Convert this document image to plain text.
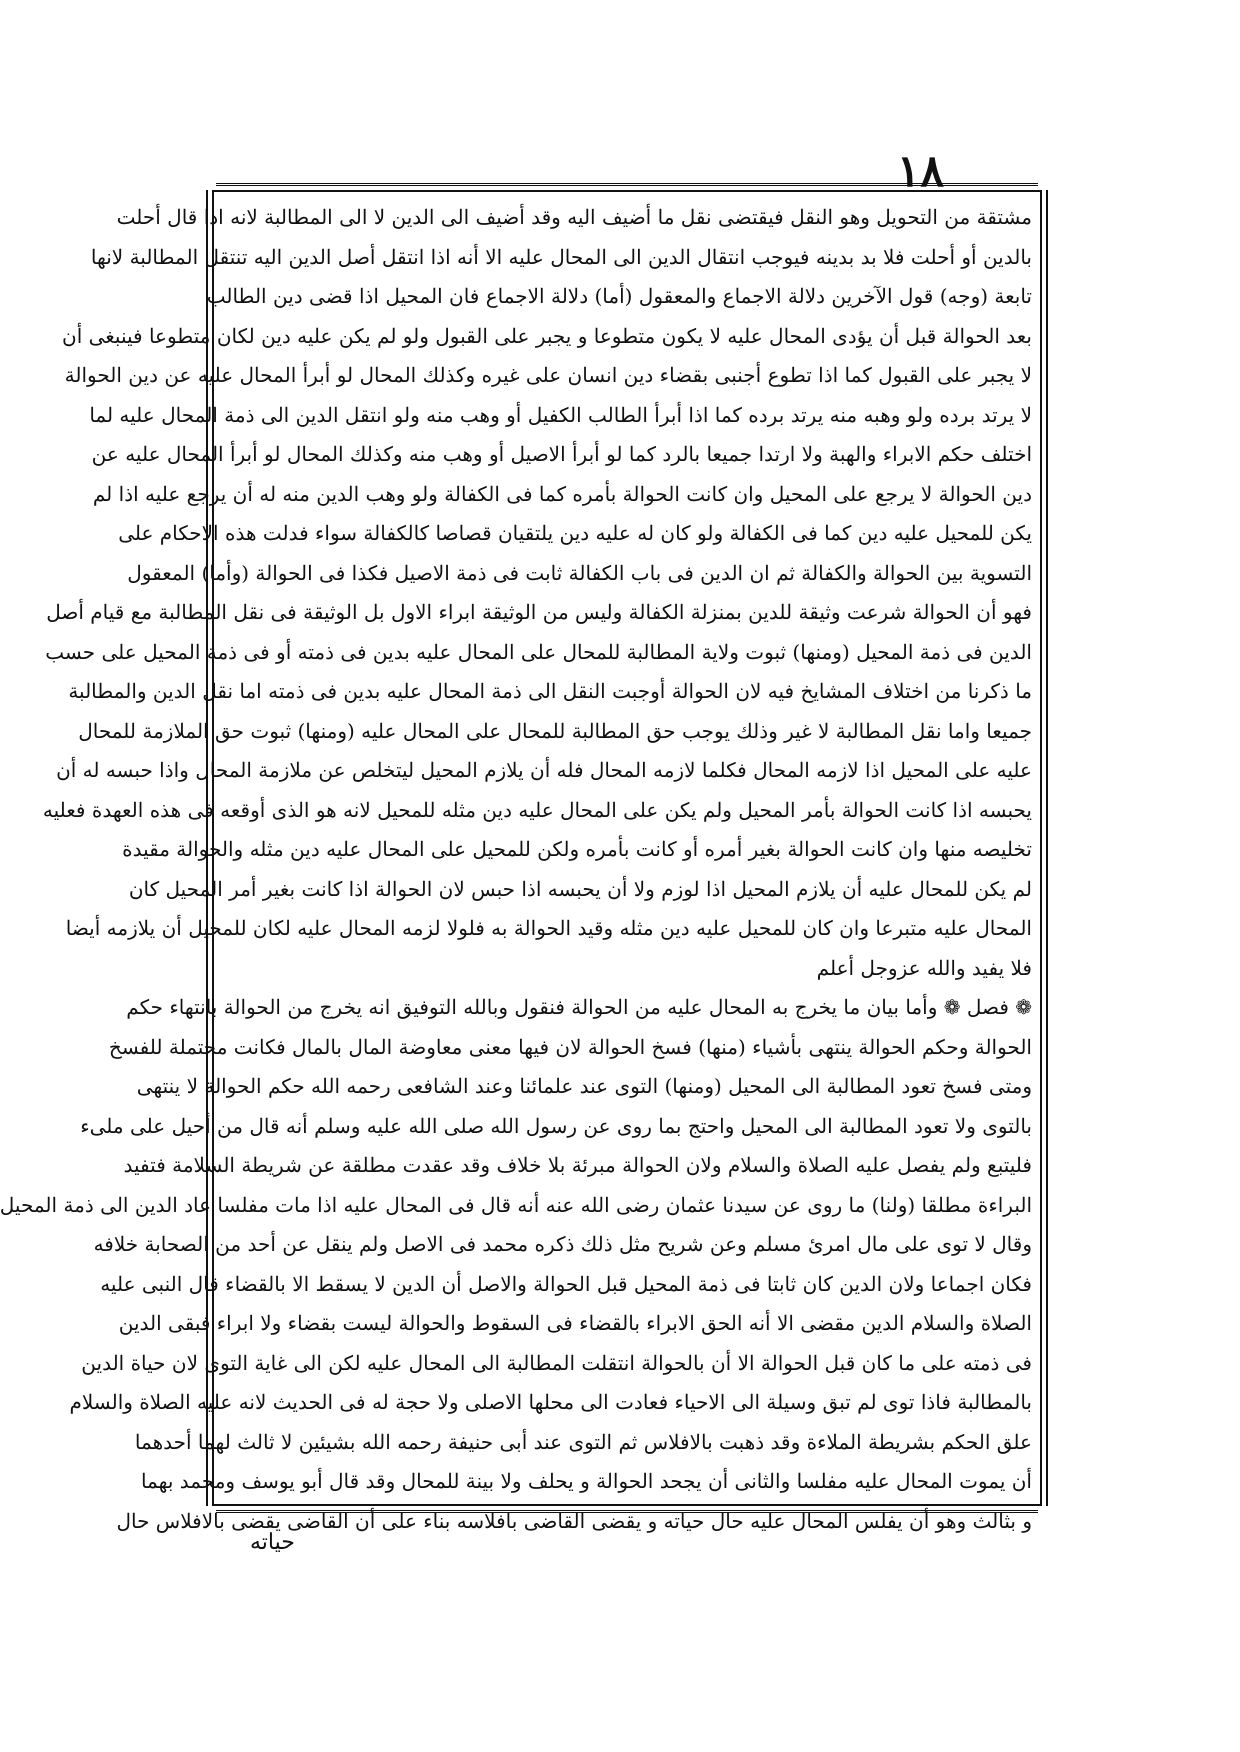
١٨
مشتقة من التحويل وهو النقل فيقتضى نقل ما أضيف اليه وقد أضيف الى الدين لا الى المطالبة لانه اذا قال أحلت
بالدين أو أحلت فلا بد بدينه فيوجب انتقال الدين الى المحال عليه الا أنه اذا انتقل أصل الدين اليه تنتقل المطالبة لانها
تابعة (وجه) قول الآخرين دلالة الاجماع والمعقول (أما) دلالة الاجماع فان المحيل اذا قضى دين الطالب
بعد الحوالة قبل أن يؤدى المحال عليه لا يكون متطوعا و يجبر على القبول ولو لم يكن عليه دين لكان متطوعا فينبغى أن
لا يجبر على القبول كما اذا تطوع أجنبى بقضاء دين انسان على غيره وكذلك المحال لو أبرأ المحال عليه عن دين الحوالة
لا يرتد برده ولو وهبه منه يرتد برده كما اذا أبرأ الطالب الكفيل أو وهب منه ولو انتقل الدين الى ذمة المحال عليه لما
اختلف حكم الابراء والهبة ولا ارتدا جميعا بالرد كما لو أبرأ الاصيل أو وهب منه وكذلك المحال لو أبرأ المحال عليه عن
دين الحوالة لا يرجع على المحيل وان كانت الحوالة بأمره كما فى الكفالة ولو وهب الدين منه له أن يرجع عليه اذا لم
يكن للمحيل عليه دين كما فى الكفالة ولو كان له عليه دين يلتقيان قصاصا كالكفالة سواء فدلت هذه الاحكام على
التسوية بين الحوالة والكفالة ثم ان الدين فى باب الكفالة ثابت فى ذمة الاصيل فكذا فى الحوالة (وأما) المعقول
فهو أن الحوالة شرعت وثيقة للدين بمنزلة الكفالة وليس من الوثيقة ابراء الاول بل الوثيقة فى نقل المطالبة مع قيام أصل
الدين فى ذمة المحيل (ومنها) ثبوت ولاية المطالبة للمحال على المحال عليه بدين فى ذمته أو فى ذمة المحيل على حسب
ما ذكرنا من اختلاف المشايخ فيه لان الحوالة أوجبت النقل الى ذمة المحال عليه بدين فى ذمته اما نقل الدين والمطالبة
جميعا واما نقل المطالبة لا غير وذلك يوجب حق المطالبة للمحال على المحال عليه (ومنها) ثبوت حق الملازمة للمحال
عليه على المحيل اذا لازمه المحال فكلما لازمه المحال فله أن يلازم المحيل ليتخلص عن ملازمة المحال واذا حبسه له أن
يحبسه اذا كانت الحوالة بأمر المحيل ولم يكن على المحال عليه دين مثله للمحيل لانه هو الذى أوقعه فى هذه العهدة فعليه
تخليصه منها وان كانت الحوالة بغير أمره أو كانت بأمره ولكن للمحيل على المحال عليه دين مثله والحوالة مقيدة
لم يكن للمحال عليه أن يلازم المحيل اذا لوزم ولا أن يحبسه اذا حبس لان الحوالة اذا كانت بغير أمر المحيل كان
المحال عليه متبرعا وان كان للمحيل عليه دين مثله وقيد الحوالة به فلولا لزمه المحال عليه لكان للمحيل أن يلازمه أيضا
فلا يفيد والله عزوجل أعلم
❁ فصل ❁ وأما بيان ما يخرج به المحال عليه من الحوالة فنقول وبالله التوفيق انه يخرج من الحوالة بانتهاء حكم
الحوالة وحكم الحوالة ينتهى بأشياء (منها) فسخ الحوالة لان فيها معنى معاوضة المال بالمال فكانت محتملة للفسخ
ومتى فسخ تعود المطالبة الى المحيل (ومنها) التوى عند علمائنا وعند الشافعى رحمه الله حكم الحوالة لا ينتهى
بالتوى ولا تعود المطالبة الى المحيل واحتج بما روى عن رسول الله صلى الله عليه وسلم أنه قال من أحيل على ملىء
فليتبع ولم يفصل عليه الصلاة والسلام ولان الحوالة مبرئة بلا خلاف وقد عقدت مطلقة عن شريطة السلامة فتفيد
البراءة مطلقا (ولنا) ما روى عن سيدنا عثمان رضى الله عنه أنه قال فى المحال عليه اذا مات مفلسا عاد الدين الى ذمة المحيل
وقال لا توى على مال امرئ مسلم وعن شريح مثل ذلك ذكره محمد فى الاصل ولم ينقل عن أحد من الصحابة خلافه
فكان اجماعا ولان الدين كان ثابتا فى ذمة المحيل قبل الحوالة والاصل أن الدين لا يسقط الا بالقضاء قال النبى عليه
الصلاة والسلام الدين مقضى الا أنه الحق الابراء بالقضاء فى السقوط والحوالة ليست بقضاء ولا ابراء فبقى الدين
فى ذمته على ما كان قبل الحوالة الا أن بالحوالة انتقلت المطالبة الى المحال عليه لكن الى غاية التوى لان حياة الدين
بالمطالبة فاذا توى لم تبق وسيلة الى الاحياء فعادت الى محلها الاصلى ولا حجة له فى الحديث لانه عليه الصلاة والسلام
علق الحكم بشريطة الملاءة وقد ذهبت بالافلاس ثم التوى عند أبى حنيفة رحمه الله بشيئين لا ثالث لهما أحدهما
أن يموت المحال عليه مفلسا والثانى أن يجحد الحوالة و يحلف ولا بينة للمحال وقد قال أبو يوسف ومحمد بهما
و بثالث وهو أن يفلس المحال عليه حال حياته و يقضى القاضى بافلاسه بناء على أن القاضى يقضى بالافلاس حال
حياته
